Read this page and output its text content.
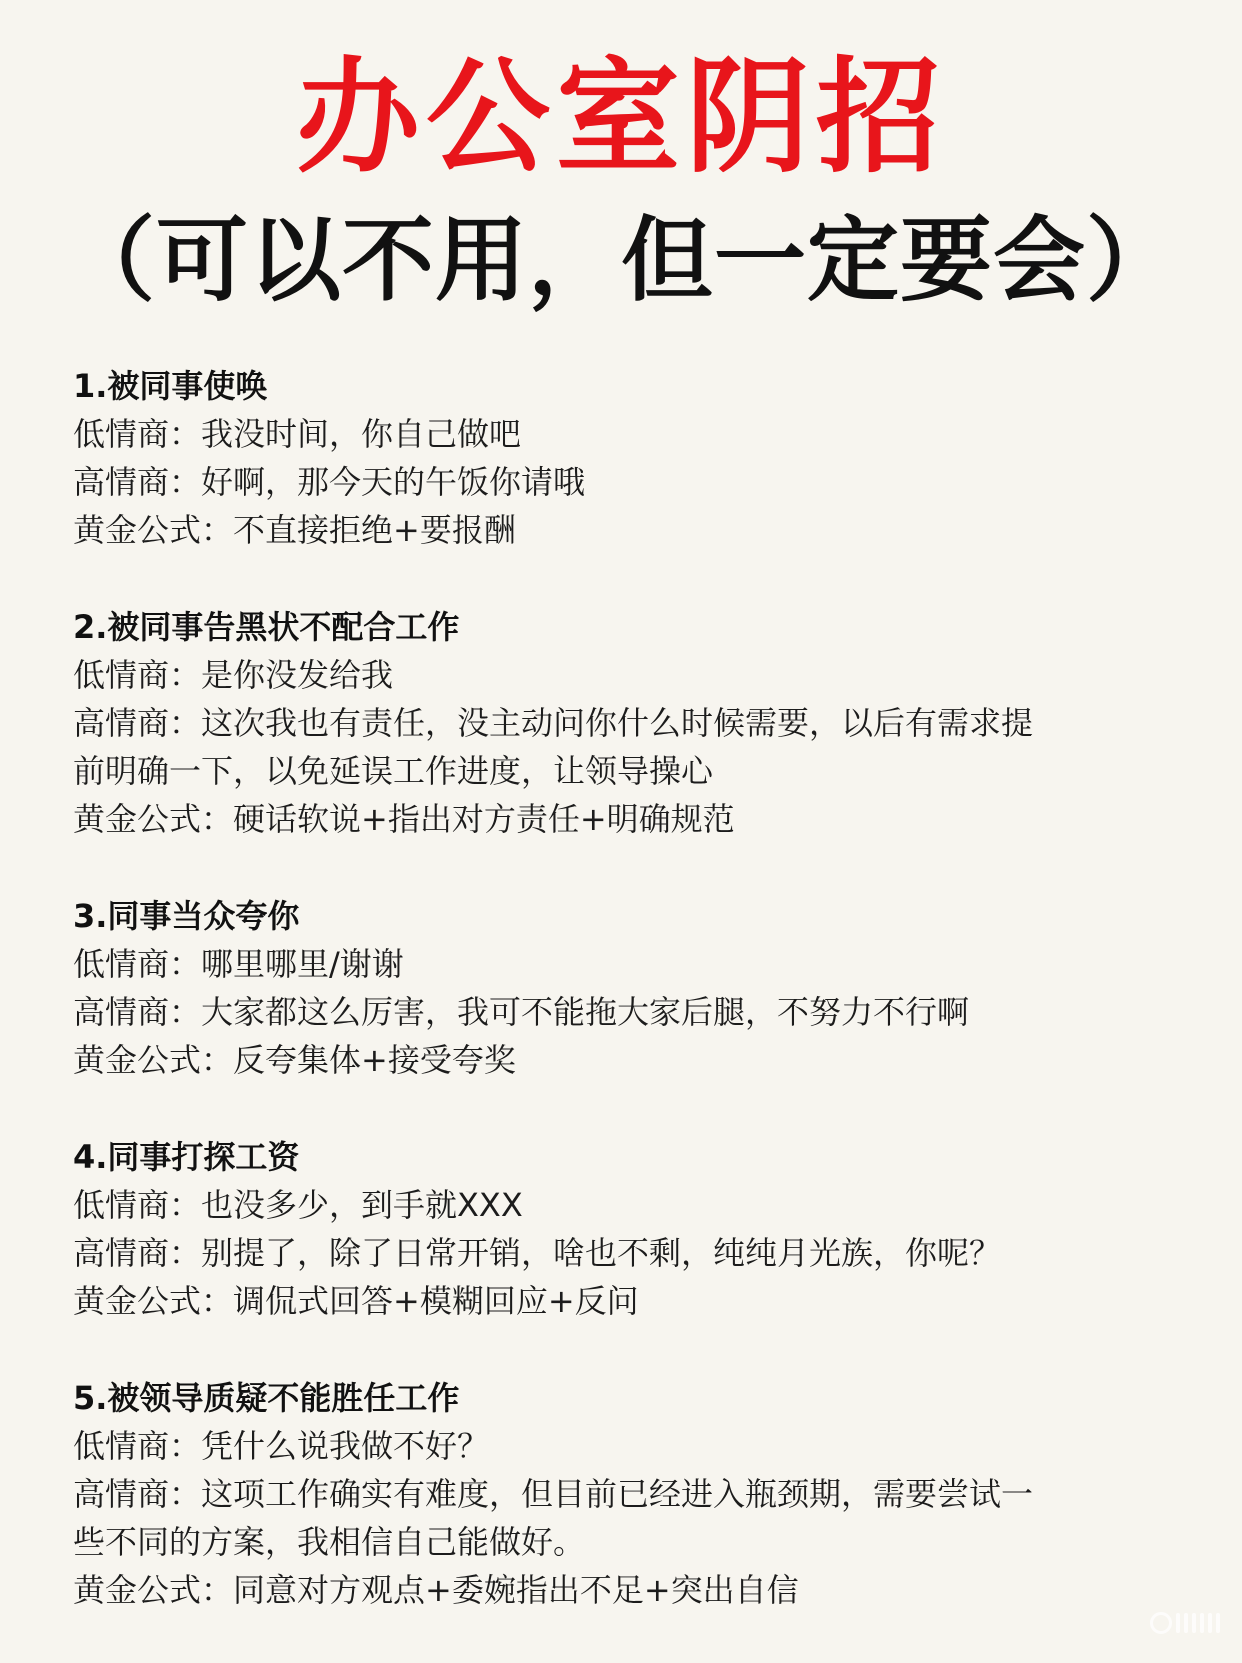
办公室阴招
（可以不用，但一定要会）
1.被同事使唤
低情商：我没时间，你自己做吧
高情商：好啊，那今天的午饭你请哦
黄金公式：不直接拒绝+要报酬
2.被同事告黑状不配合工作
低情商：是你没发给我
高情商：这次我也有责任，没主动问你什么时候需要，以后有需求提
前明确一下，以免延误工作进度，让领导操心
黄金公式：硬话软说+指出对方责任+明确规范
3.同事当众夸你
低情商：哪里哪里/谢谢
高情商：大家都这么厉害，我可不能拖大家后腿，不努力不行啊
黄金公式：反夸集体+接受夸奖
4.同事打探工资
低情商：也没多少，到手就XXX
高情商：别提了，除了日常开销，啥也不剩，纯纯月光族，你呢？
黄金公式：调侃式回答+模糊回应+反问
5.被领导质疑不能胜任工作
低情商：凭什么说我做不好？
高情商：这项工作确实有难度，但目前已经进入瓶颈期，需要尝试一
些不同的方案，我相信自己能做好。
黄金公式：同意对方观点+委婉指出不足+突出自信
